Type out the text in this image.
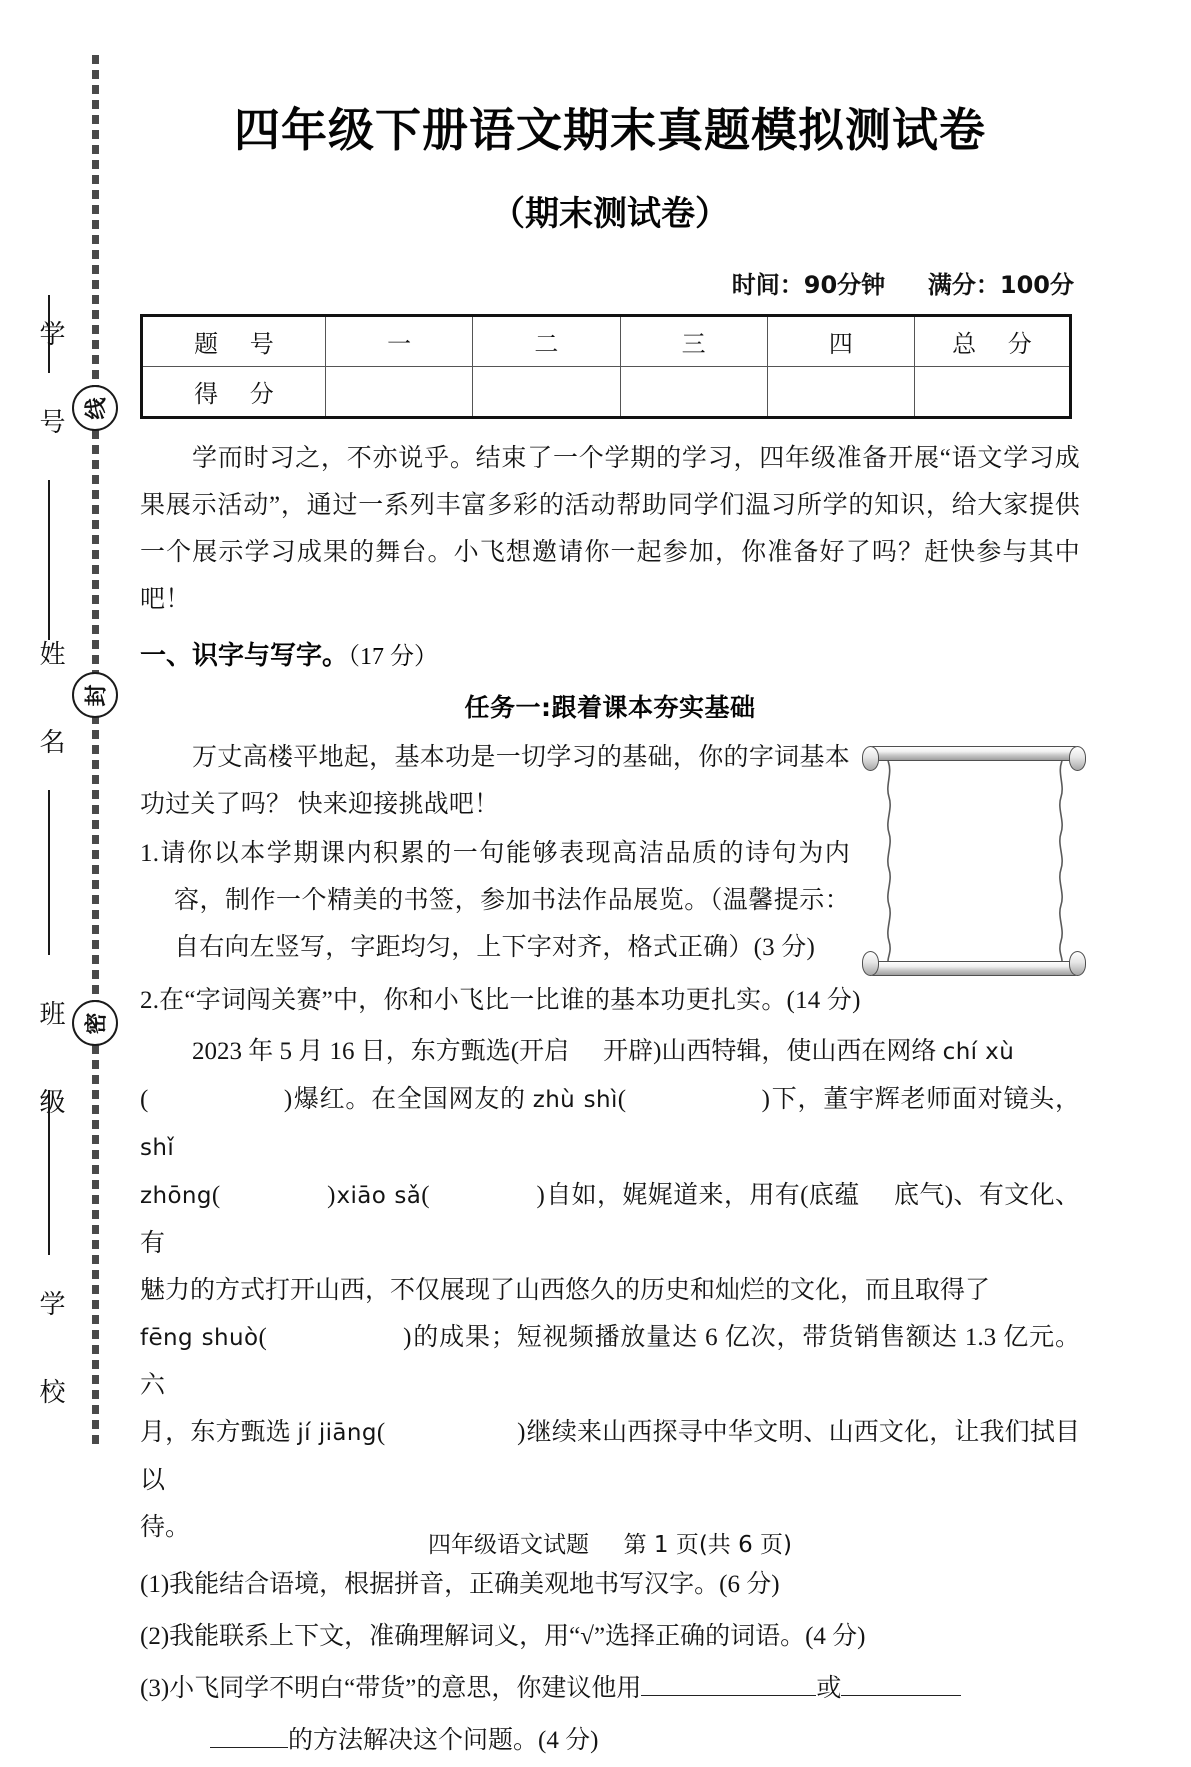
学 号
姓 名
班 级
学 校
线
封
密
四年级下册语文期末真题模拟测试卷
（期末测试卷）
时间：90分钟 满分：100分
题 号	一	二	三	四	总 分
得 分					
学而时习之，不亦说乎。结束了一个学期的学习，四年级准备开展“语文学习成果展示活动”，通过一系列丰富多彩的活动帮助同学们温习所学的知识，给大家提供一个展示学习成果的舞台。小飞想邀请你一起参加，你准备好了吗？赶快参与其中吧！
一、识字与写字。（17 分）
任务一:跟着课本夯实基础
万丈高楼平地起，基本功是一切学习的基础，你的字词基本功过关了吗？ 快来迎接挑战吧！
1.请你以本学期课内积累的一句能够表现高洁品质的诗句为内容，制作一个精美的书签，参加书法作品展览。（温馨提示：自右向左竖写，字距均匀，上下字对齐，格式正确）(3 分)
2.在“字词闯关赛”中，你和小飞比一比谁的基本功更扎实。(14 分)

2023 年 5 月 16 日，东方甄选(开启 开辟)山西特辑，使山西在网络 chí xù

(　　　　　)爆红。在全国网友的 zhù shì(　　　　　)下，董宇辉老师面对镜头，shǐ

zhōng(　　　　)xiāo sǎ(　　　　)自如，娓娓道来，用有(底蕴 底气)、有文化、有

魅力的方式打开山西，不仅展现了山西悠久的历史和灿烂的文化，而且取得了

fēng shuò(　　　　　)的成果；短视频播放量达 6 亿次，带货销售额达 1.3 亿元。 六

月，东方甄选 jí jiāng(　　　　　)继续来山西探寻中华文明、山西文化，让我们拭目以

待。

(1)我能结合语境，根据拼音，正确美观地书写汉字。(6 分)

(2)我能联系上下文，准确理解词义，用“√”选择正确的词语。(4 分)

(3)小飞同学不明白“带货”的意思，你建议他用	或

的方法解决这个问题。(4 分)

四年级语文试题 第 1 页(共 6 页)
